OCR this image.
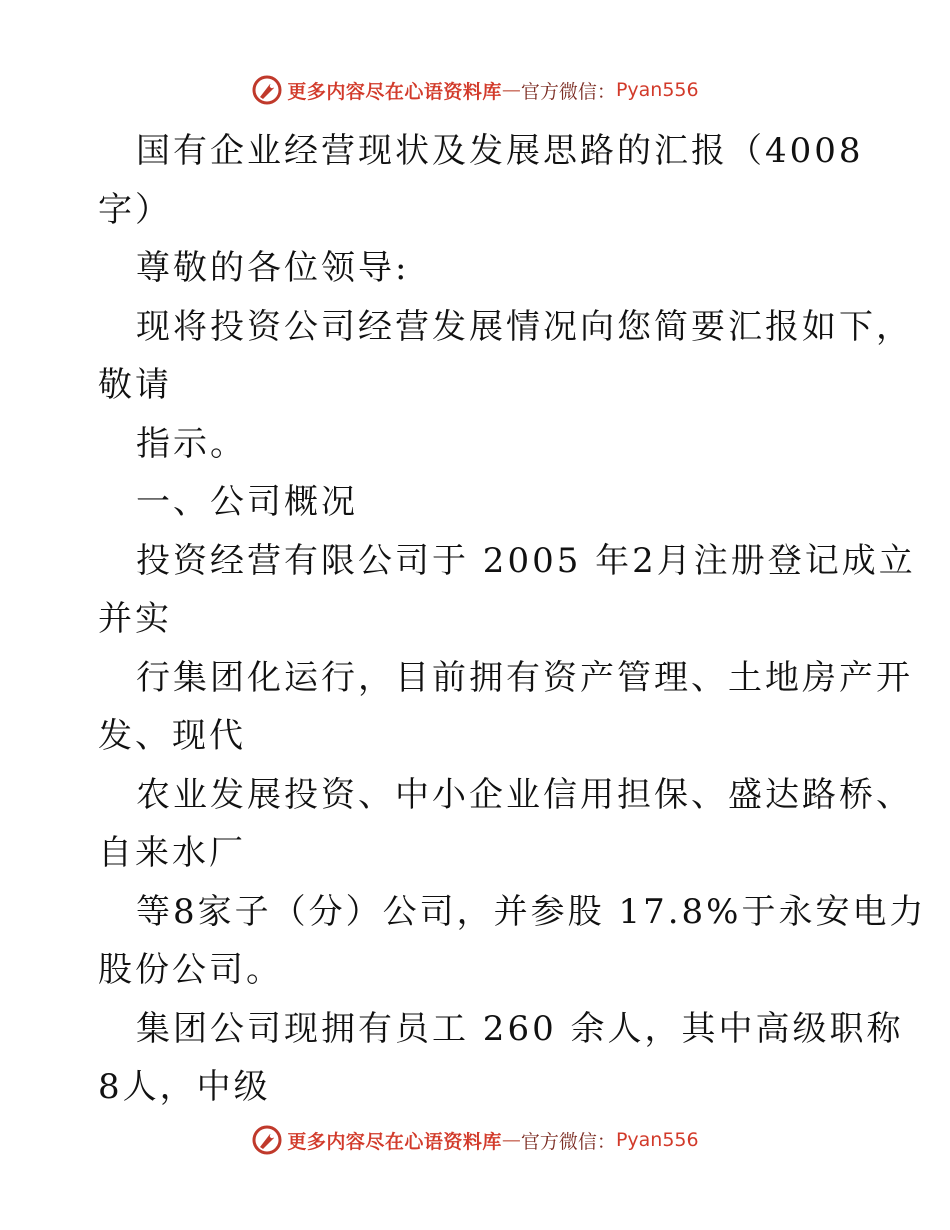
更多内容尽在心语资料库 — 官方微信： Pyan556
国有企业经营现状及发展思路的汇报（4008
字）
尊敬的各位领导:
现将投资公司经营发展情况向您简要汇报如下，
敬请
指示。
一、公司概况
投资经营有限公司于 2005 年2月注册登记成立
并实
行集团化运行，目前拥有资产管理、土地房产开
发、现代
农业发展投资、中小企业信用担保、盛达路桥、
自来水厂
等8家子（分）公司，并参股 17.8%于永安电力
股份公司。
集团公司现拥有员工 260 余人，其中高级职称
8人，中级
更多内容尽在心语资料库 — 官方微信： Pyan556
